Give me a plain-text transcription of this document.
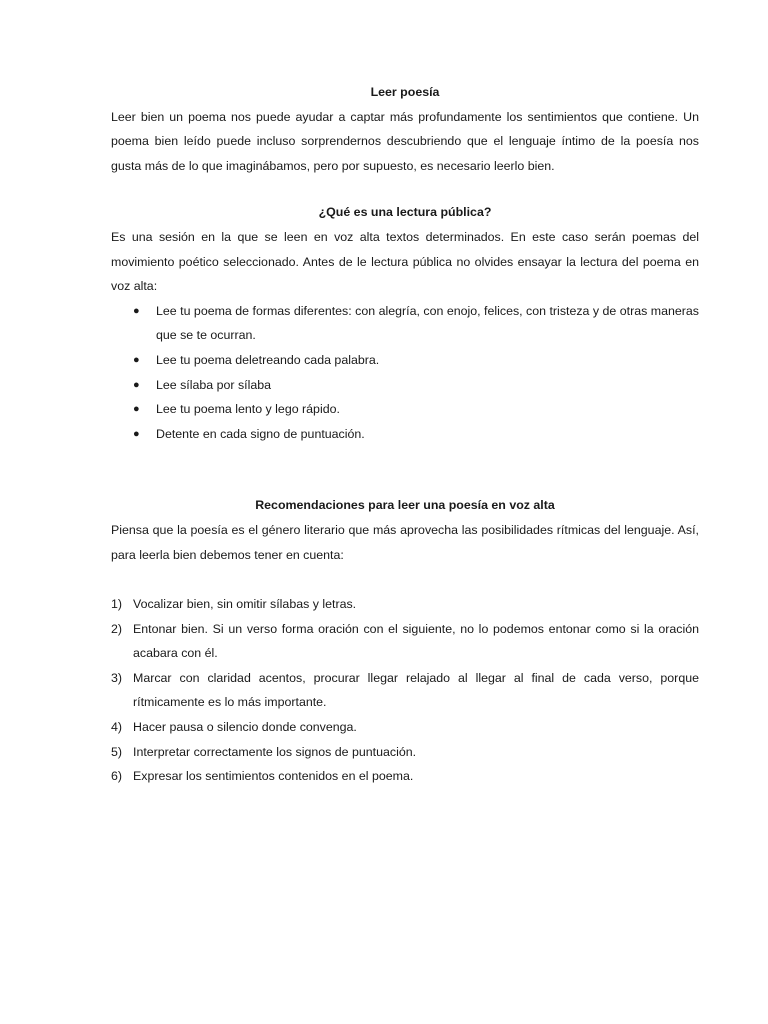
Leer poesía

Leer bien un poema nos puede ayudar a captar más profundamente los sentimientos que contiene. Un poema bien leído puede incluso sorprendernos descubriendo que el lenguaje íntimo de la poesía nos gusta más de lo que imaginábamos, pero por supuesto, es necesario leerlo bien.

¿Qué es una lectura pública?

Es una sesión en la que se leen en voz alta textos determinados. En este caso serán poemas del movimiento poético seleccionado. Antes de le lectura pública no olvides ensayar la lectura del poema en voz alta:

● Lee tu poema de formas diferentes: con alegría, con enojo, felices, con tristeza y de otras maneras que se te ocurran.
● Lee tu poema deletreando cada palabra.
● Lee sílaba por sílaba
● Lee tu poema lento y lego rápido.
● Detente en cada signo de puntuación.
Recomendaciones para leer una poesía en voz alta

Piensa que la poesía es el género literario que más aprovecha las posibilidades rítmicas del lenguaje. Así, para leerla bien debemos tener en cuenta:

1) Vocalizar bien, sin omitir sílabas y letras.
2) Entonar bien. Si un verso forma oración con el siguiente, no lo podemos entonar como si la oración acabara con él.
3) Marcar con claridad acentos, procurar llegar relajado al llegar al final de cada verso, porque rítmicamente es lo más importante.
4) Hacer pausa o silencio donde convenga.
5) Interpretar correctamente los signos de puntuación.
6) Expresar los sentimientos contenidos en el poema.
